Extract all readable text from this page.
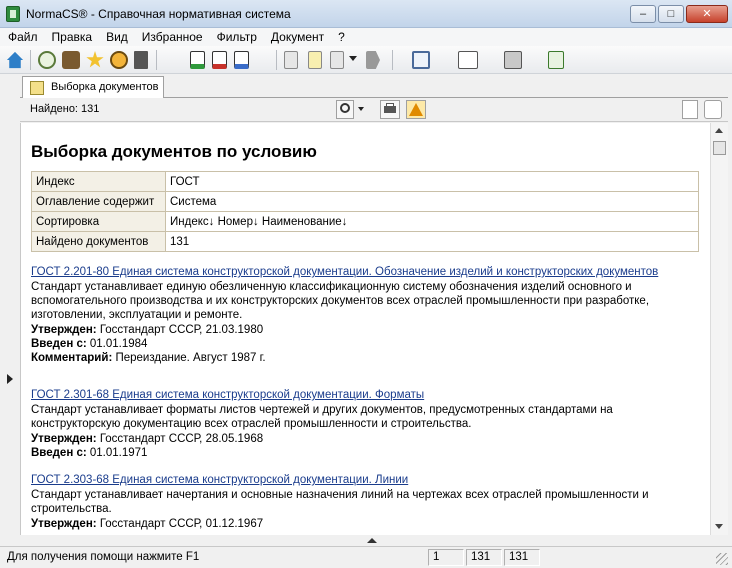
NormaCS® - Справочная нормативная система	–	□	✕
Файл	Правка	Вид	Избранное	Фильтр	Документ	?
Выборка документов
Найдено: 131
Выборка документов по условию
Индекс	ГОСТ
Оглавление содержит	Система
Сортировка	Индекс↓ Номер↓ Наименование↓
Найдено документов	131
ГОСТ 2.201-80 Единая система конструкторской документации. Обозначение изделий и конструкторских документов

Стандарт устанавливает единую обезличенную классификационную систему обозначения изделий основного и вспомогательного производства и их конструкторских документов всех отраслей промышленности при разработке, изготовлении, эксплуатации и ремонте.

Утвержден: Госстандарт СССР, 21.03.1980
Введен с: 01.01.1984
Комментарий: Переиздание. Август 1987 г.
ГОСТ 2.301-68 Единая система конструкторской документации. Форматы

Стандарт устанавливает форматы листов чертежей и других документов, предусмотренных стандартами на конструкторскую документацию всех отраслей промышленности и строительства.

Утвержден: Госстандарт СССР, 28.05.1968
Введен с: 01.01.1971
ГОСТ 2.303-68 Единая система конструкторской документации. Линии

Стандарт устанавливает начертания и основные назначения линий на чертежах всех отраслей промышленности и строительства.

Утвержден: Госстандарт СССР, 01.12.1967
Для получения помощи нажмите F1	1	131	131
